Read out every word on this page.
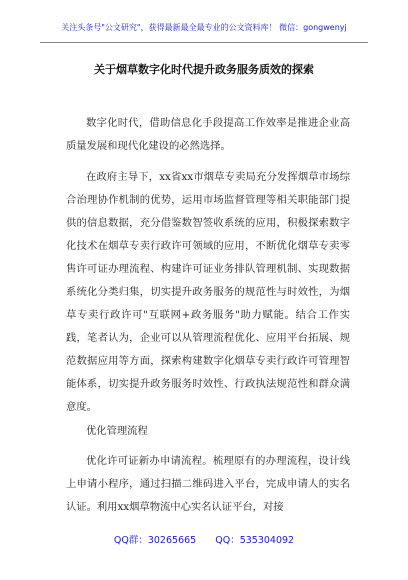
关注头条号"公文研究"，获得最新最全最专业的公文资料库！ 微信：gongwenyj
关于烟草数字化时代提升政务服务质效的探索

数字化时代，借助信息化手段提高工作效率是推进企业高质量发展和现代化建设的必然选择。

在政府主导下，xx省xx市烟草专卖局充分发挥烟草市场综合治理协作机制的优势，运用市场监督管理等相关职能部门提供的信息数据，充分借鉴数智签收系统的应用，积极探索数字化技术在烟草专卖行政许可领域的应用，不断优化烟草专卖零售许可证办理流程、构建许可证业务排队管理机制、实现数据系统化分类归集，切实提升政务服务的规范性与时效性，为烟草专卖行政许可"互联网+政务服务"助力赋能。结合工作实践，笔者认为，企业可以从管理流程优化、应用平台拓展、规范数据应用等方面，探索构建数字化烟草专卖行政许可管理智能体系，切实提升政务服务时效性、行政执法规范性和群众满意度。

优化管理流程

优化许可证新办申请流程。梳理原有的办理流程，设计线上申请小程序，通过扫描二维码进入平台，完成申请人的实名认证。利用xx烟草物流中心实名认证平台，对接

QQ群：30265665 QQ：535304092
